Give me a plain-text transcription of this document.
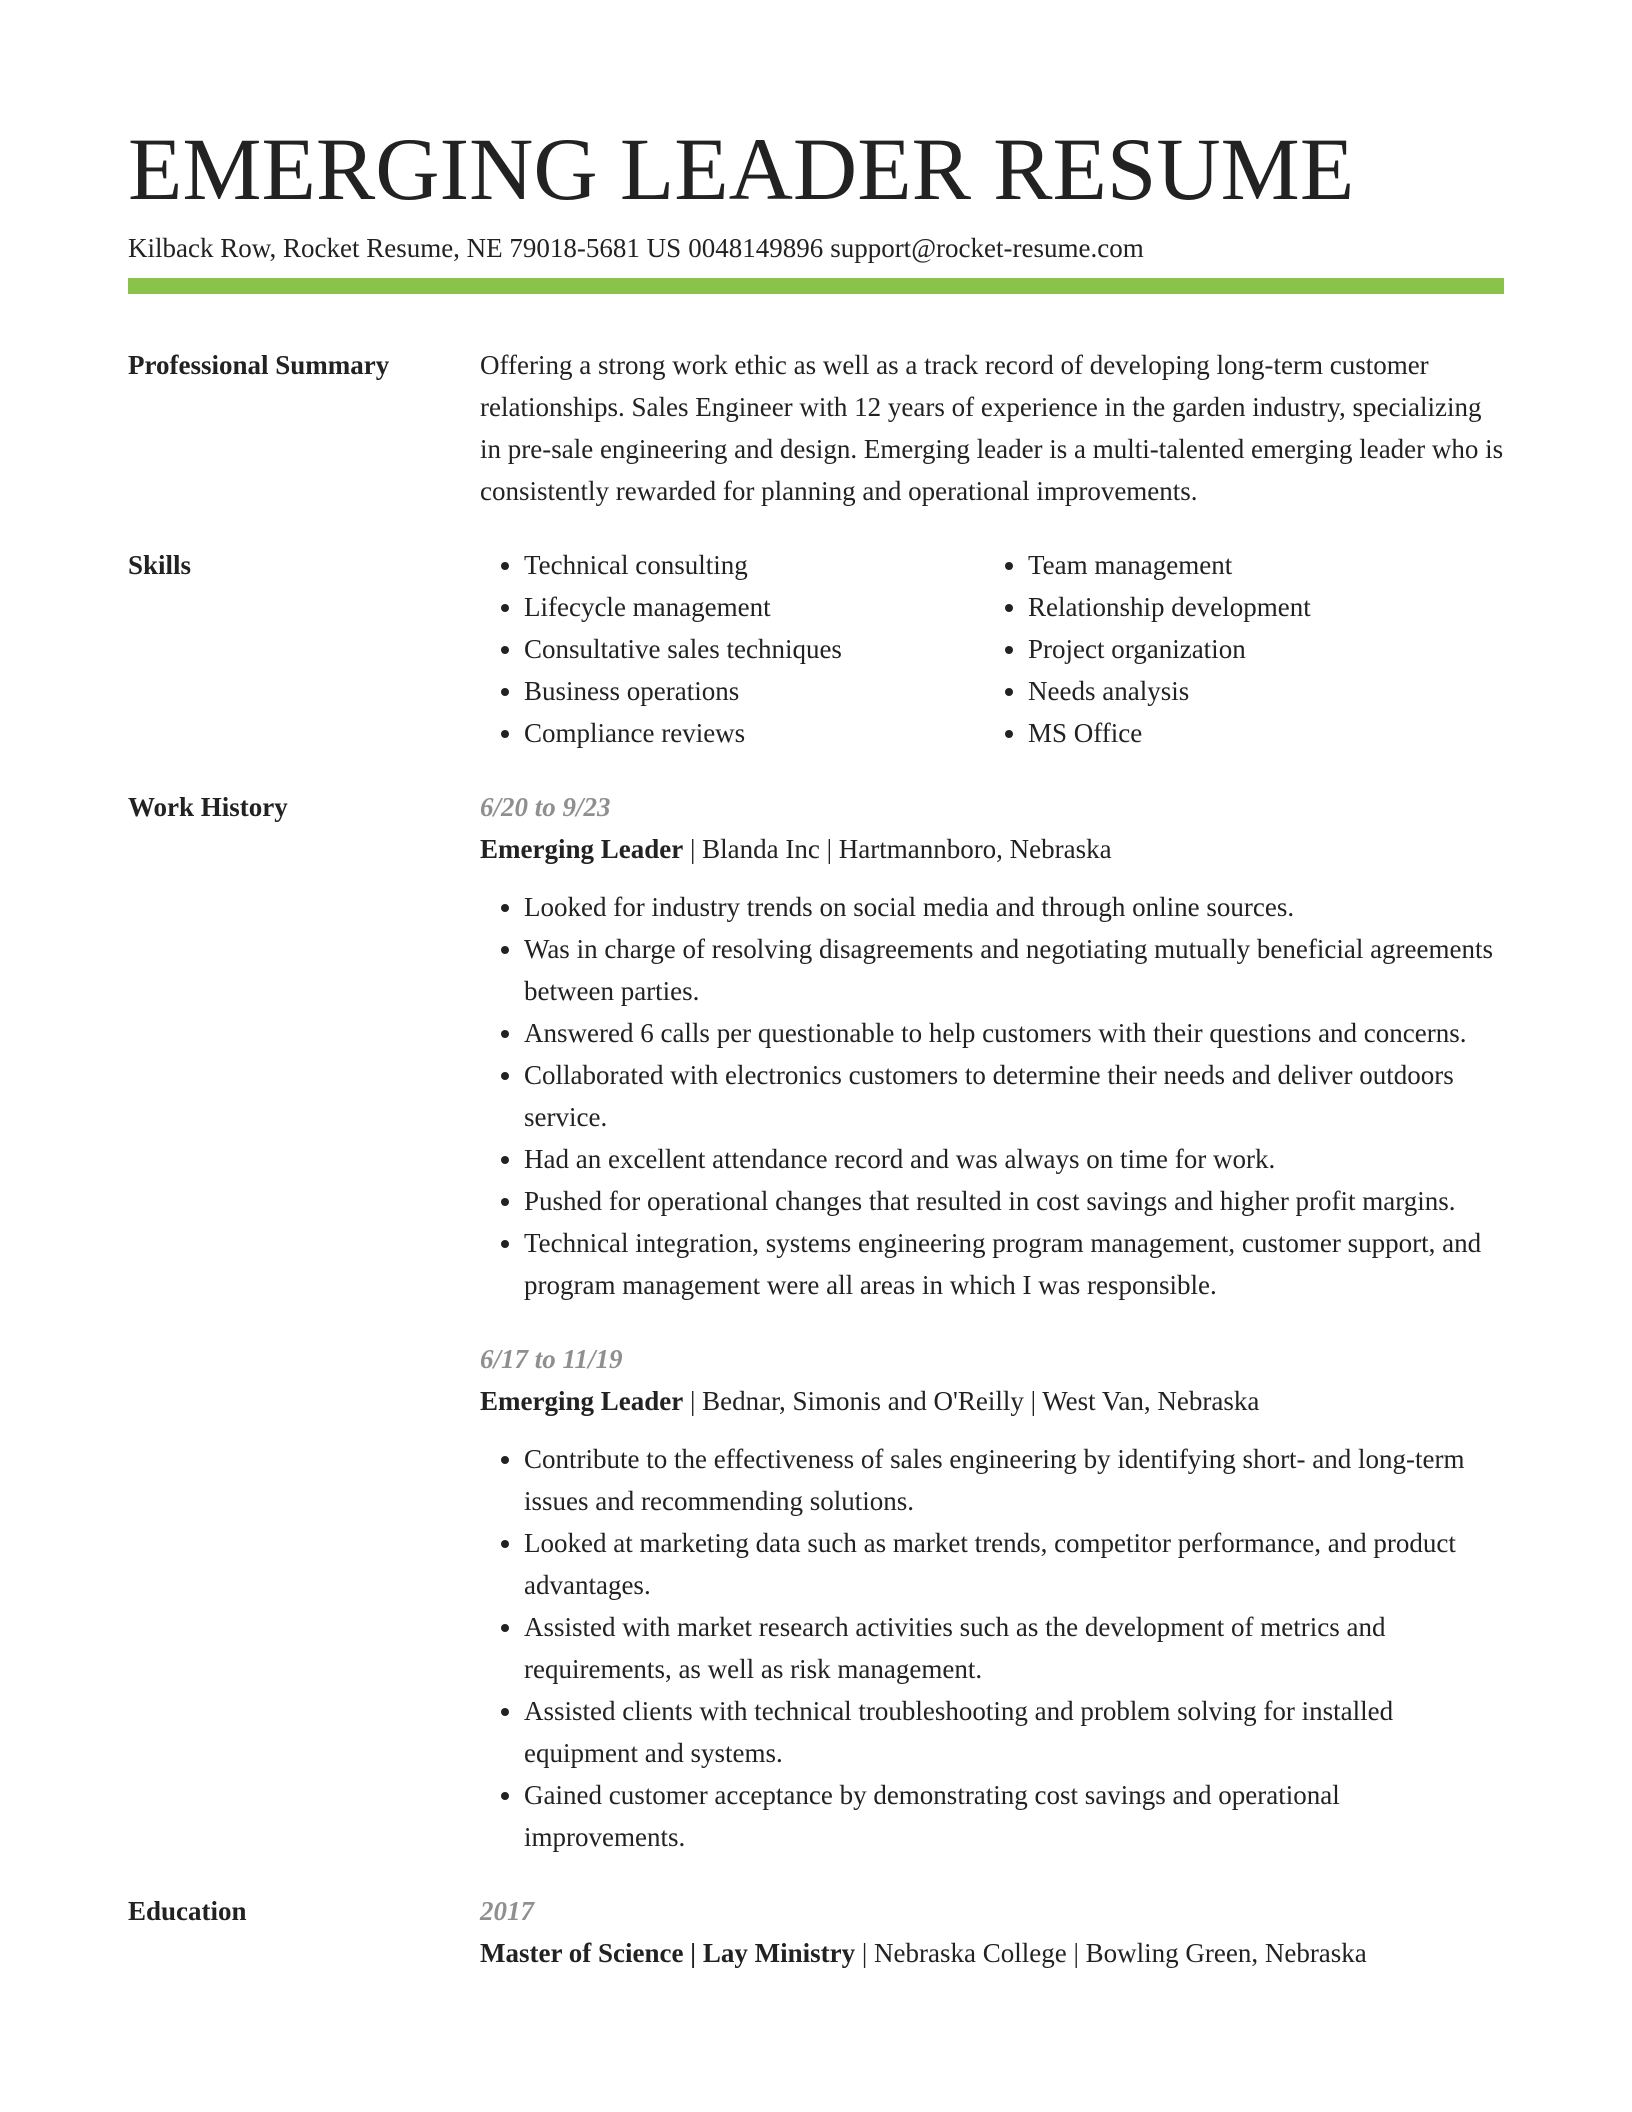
EMERGING LEADER RESUME
Kilback Row, Rocket Resume, NE 79018-5681 US 0048149896 support@rocket-resume.com
Professional Summary	Offering a strong work ethic as well as a track record of developing long-term customer relationships. Sales Engineer with 12 years of experience in the garden industry, specializing in pre-sale engineering and design. Emerging leader is a multi-talented emerging leader who is consistently rewarded for planning and operational improvements.
Skills
•	Technical consulting
• Lifecycle management
• Consultative sales techniques
• Business operations
• Compliance reviews
• Team management
• Relationship development
• Project organization
• Needs analysis
• MS Office
Work History	6/20 to 9/23
Emerging Leader | Blanda Inc | Hartmannboro, Nebraska
• Looked for industry trends on social media and through online sources.
• Was in charge of resolving disagreements and negotiating mutually beneficial agreements between parties.
• Answered 6 calls per questionable to help customers with their questions and concerns.
• Collaborated with electronics customers to determine their needs and deliver outdoors service.
• Had an excellent attendance record and was always on time for work.
• Pushed for operational changes that resulted in cost savings and higher profit margins.
• Technical integration, systems engineering program management, customer support, and program management were all areas in which I was responsible.
6/17 to 11/19
Emerging Leader | Bednar, Simonis and O'Reilly | West Van, Nebraska
• Contribute to the effectiveness of sales engineering by identifying short- and long-term issues and recommending solutions.
• Looked at marketing data such as market trends, competitor performance, and product advantages.
• Assisted with market research activities such as the development of metrics and requirements, as well as risk management.
• Assisted clients with technical troubleshooting and problem solving for installed equipment and systems.
• Gained customer acceptance by demonstrating cost savings and operational improvements.
Education	2017
Master of Science | Lay Ministry | Nebraska College | Bowling Green, Nebraska
